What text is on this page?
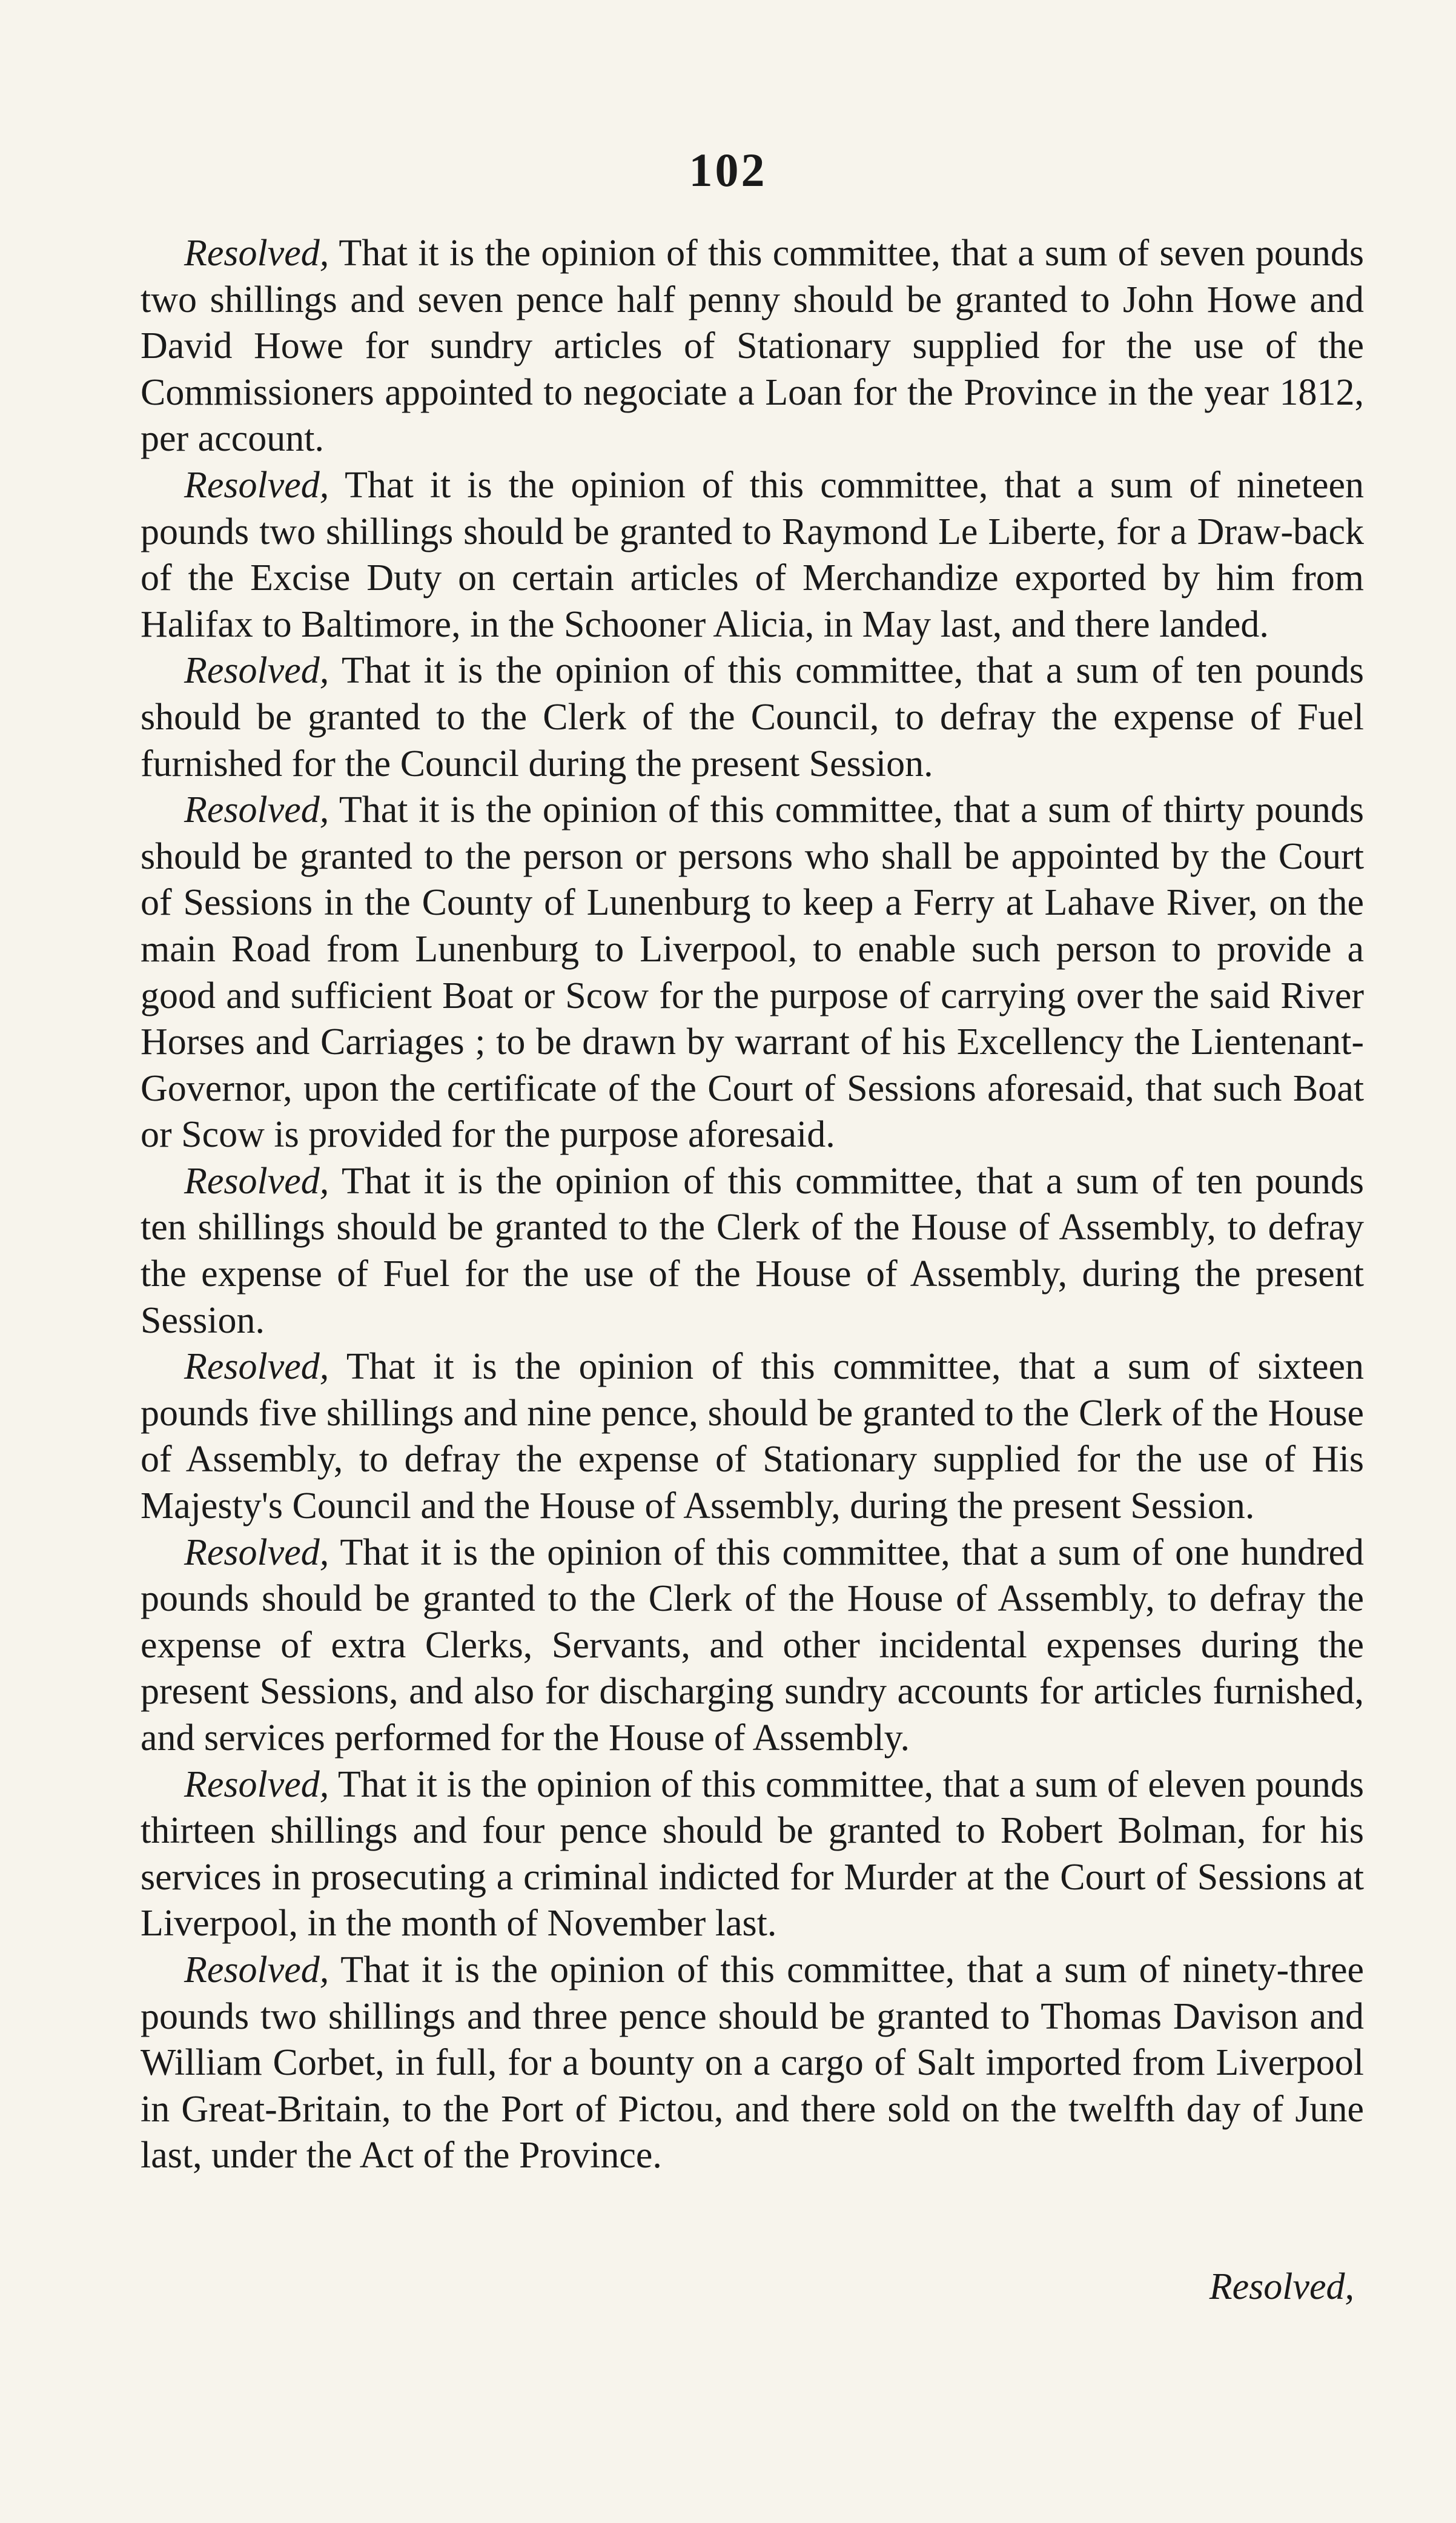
102

Resolved, That it is the opinion of this committee, that a sum of seven pounds two shillings and seven pence half penny should be granted to John Howe and David Howe for sundry articles of Stationary supplied for the use of the Commissioners appointed to negociate a Loan for the Province in the year 1812, per account.

Resolved, That it is the opinion of this committee, that a sum of nineteen pounds two shillings should be granted to Raymond Le Liberte, for a Draw-back of the Excise Duty on certain articles of Merchandize exported by him from Halifax to Baltimore, in the Schooner Alicia, in May last, and there landed.

Resolved, That it is the opinion of this committee, that a sum of ten pounds should be granted to the Clerk of the Council, to defray the expense of Fuel furnished for the Council during the present Session.

Resolved, That it is the opinion of this committee, that a sum of thirty pounds should be granted to the person or persons who shall be appointed by the Court of Sessions in the County of Lunenburg to keep a Ferry at Lahave River, on the main Road from Lunenburg to Liverpool, to enable such person to provide a good and sufficient Boat or Scow for the purpose of carrying over the said River Horses and Carriages ; to be drawn by warrant of his Excellency the Lientenant-Governor, upon the certificate of the Court of Sessions aforesaid, that such Boat or Scow is provided for the purpose aforesaid.

Resolved, That it is the opinion of this committee, that a sum of ten pounds ten shillings should be granted to the Clerk of the House of Assembly, to defray the expense of Fuel for the use of the House of Assembly, during the present Session.

Resolved, That it is the opinion of this committee, that a sum of sixteen pounds five shillings and nine pence, should be granted to the Clerk of the House of Assembly, to defray the expense of Stationary supplied for the use of His Majesty's Council and the House of Assembly, during the present Session.

Resolved, That it is the opinion of this committee, that a sum of one hundred pounds should be granted to the Clerk of the House of Assembly, to defray the expense of extra Clerks, Servants, and other incidental expenses during the present Sessions, and also for discharging sundry accounts for articles furnished, and services performed for the House of Assembly.

Resolved, That it is the opinion of this committee, that a sum of eleven pounds thirteen shillings and four pence should be granted to Robert Bolman, for his services in prosecuting a criminal indicted for Murder at the Court of Sessions at Liverpool, in the month of November last.

Resolved, That it is the opinion of this committee, that a sum of ninety-three pounds two shillings and three pence should be granted to Thomas Davison and William Corbet, in full, for a bounty on a cargo of Salt imported from Liverpool in Great-Britain, to the Port of Pictou, and there sold on the twelfth day of June last, under the Act of the Province.

Resolved,
